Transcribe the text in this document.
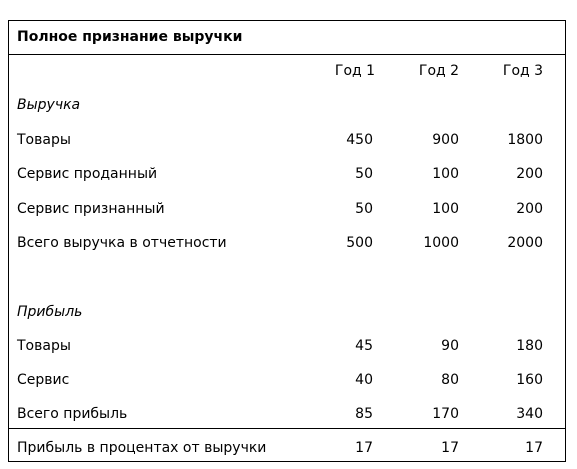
Полное признание выручки
Год 1	Год 2	Год 3
Выручка
Товары	450	900	1800
Сервис проданный	50	100	200
Сервис признанный	50	100	200
Всего выручка в отчетности	500	1000	2000
Прибыль
Товары	45	90	180
Сервис	40	80	160
Всего прибыль	85	170	340
Прибыль в процентах от выручки	17	17	17
